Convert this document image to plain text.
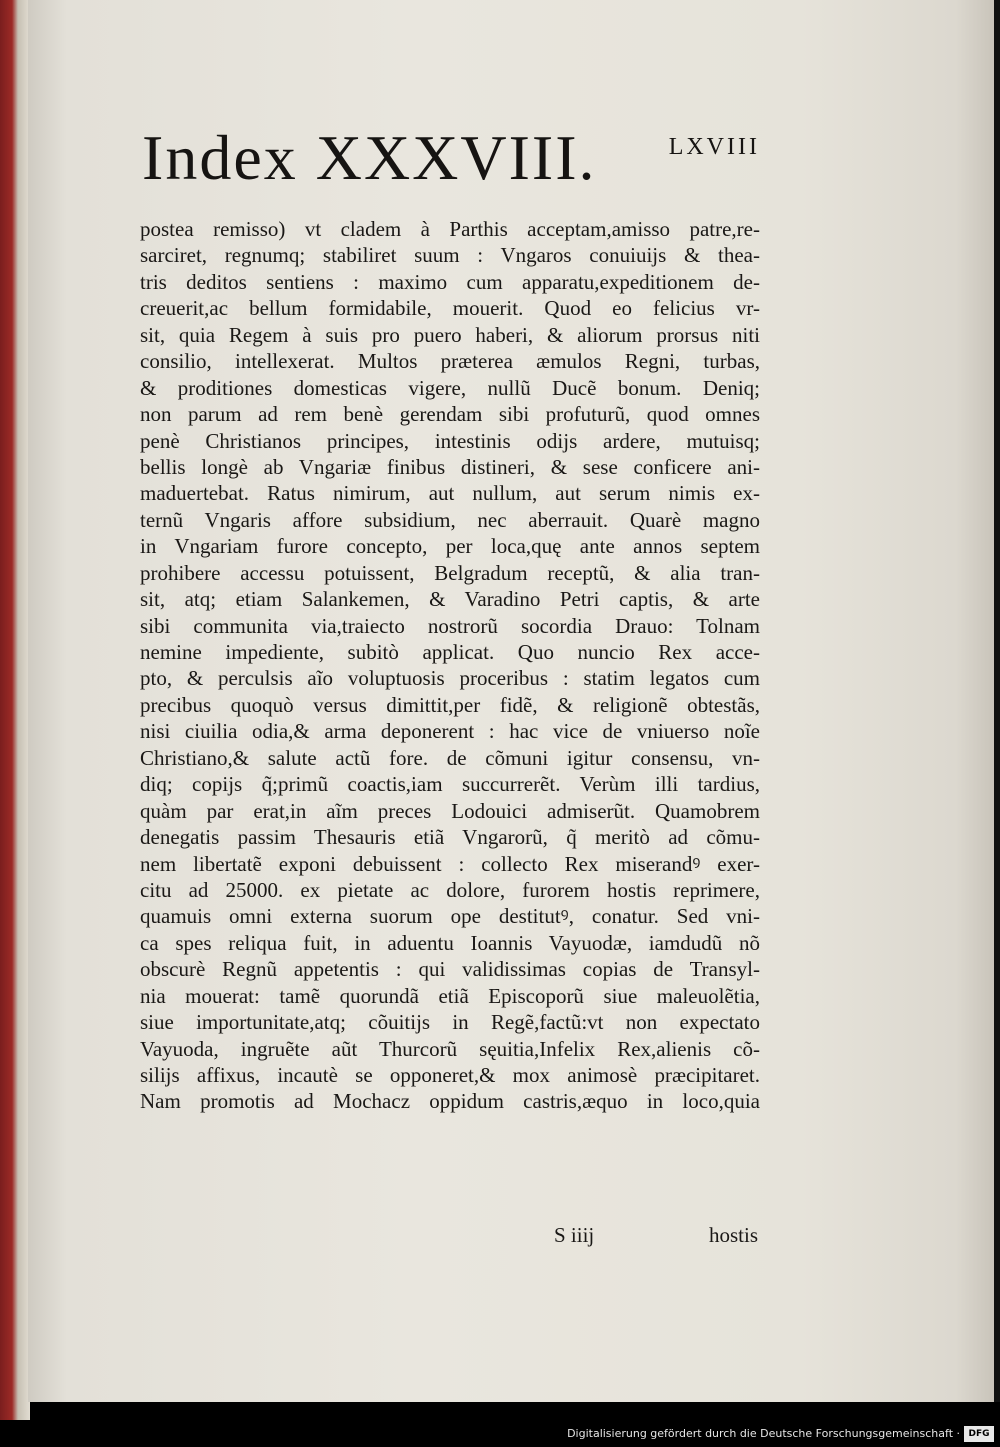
Index XXXVIII.	LXVIII
postea remisso) vt cladem à Parthis acceptam,amisso patre,re-
sarciret, regnumq; stabiliret suum : Vngaros conuiuijs & thea-
tris deditos sentiens : maximo cum apparatu,expeditionem de-
creuerit,ac bellum formidabile, mouerit. Quod eo felicius vr-
sit, quia Regem à suis pro puero haberi, & aliorum prorsus niti
consilio, intellexerat. Multos præterea æmulos Regni, turbas,
& proditiones domesticas vigere, nullũ Ducẽ bonum. Deniq;
non parum ad rem benè gerendam sibi profuturũ, quod omnes
penè Christianos principes, intestinis odijs ardere, mutuisq;
bellis longè ab Vngariæ finibus distineri, & sese conficere ani-
maduertebat. Ratus nimirum, aut nullum, aut serum nimis ex-
ternũ Vngaris affore subsidium, nec aberrauit. Quarè magno
in Vngariam furore concepto, per loca,quę ante annos septem
prohibere accessu potuissent, Belgradum receptũ, & alia tran-
sit, atq; etiam Salankemen, & Varadino Petri captis, & arte
sibi communita via,traiecto nostrorũ socordia Drauo: Tolnam
nemine impediente, subitò applicat. Quo nuncio Rex acce-
pto, & perculsis aĩo voluptuosis proceribus : statim legatos cum
precibus quoquò versus dimittit,per fidẽ, & religionẽ obtestãs,
nisi ciuilia odia,& arma deponerent : hac vice de vniuerso noĩe
Christiano,& salute actũ fore. de cõmuni igitur consensu, vn-
diq; copijs q̃;primũ coactis,iam succurrerẽt. Verùm illi tardius,
quàm par erat,in aĩm preces Lodouici admiserũt. Quamobrem
denegatis passim Thesauris etiã Vngarorũ, q̃ meritò ad cõmu-
nem libertatẽ exponi debuissent : collecto Rex miserandꝰ exer-
citu ad 25000. ex pietate ac dolore, furorem hostis reprimere,
quamuis omni externa suorum ope destitutꝰ, conatur. Sed vni-
ca spes reliqua fuit, in aduentu Ioannis Vayuodæ, iamdudũ nõ
obscurè Regnũ appetentis : qui validissimas copias de Transyl-
nia mouerat: tamẽ quorundã etiã Episcoporũ siue maleuolẽtia,
siue importunitate,atq; cõuitijs in Regẽ,factũ:vt non expectato
Vayuoda, ingruẽte aũt Thurcorũ sęuitia,Infelix Rex,alienis cõ-
silijs affixus, incautè se opponeret,& mox animosè præcipitaret.
Nam promotis ad Mochacz oppidum castris,æquo in loco,quia
S iiij	hostis
Digitalisierung gefördert durch die Deutsche Forschungsgemeinschaft · DFG
